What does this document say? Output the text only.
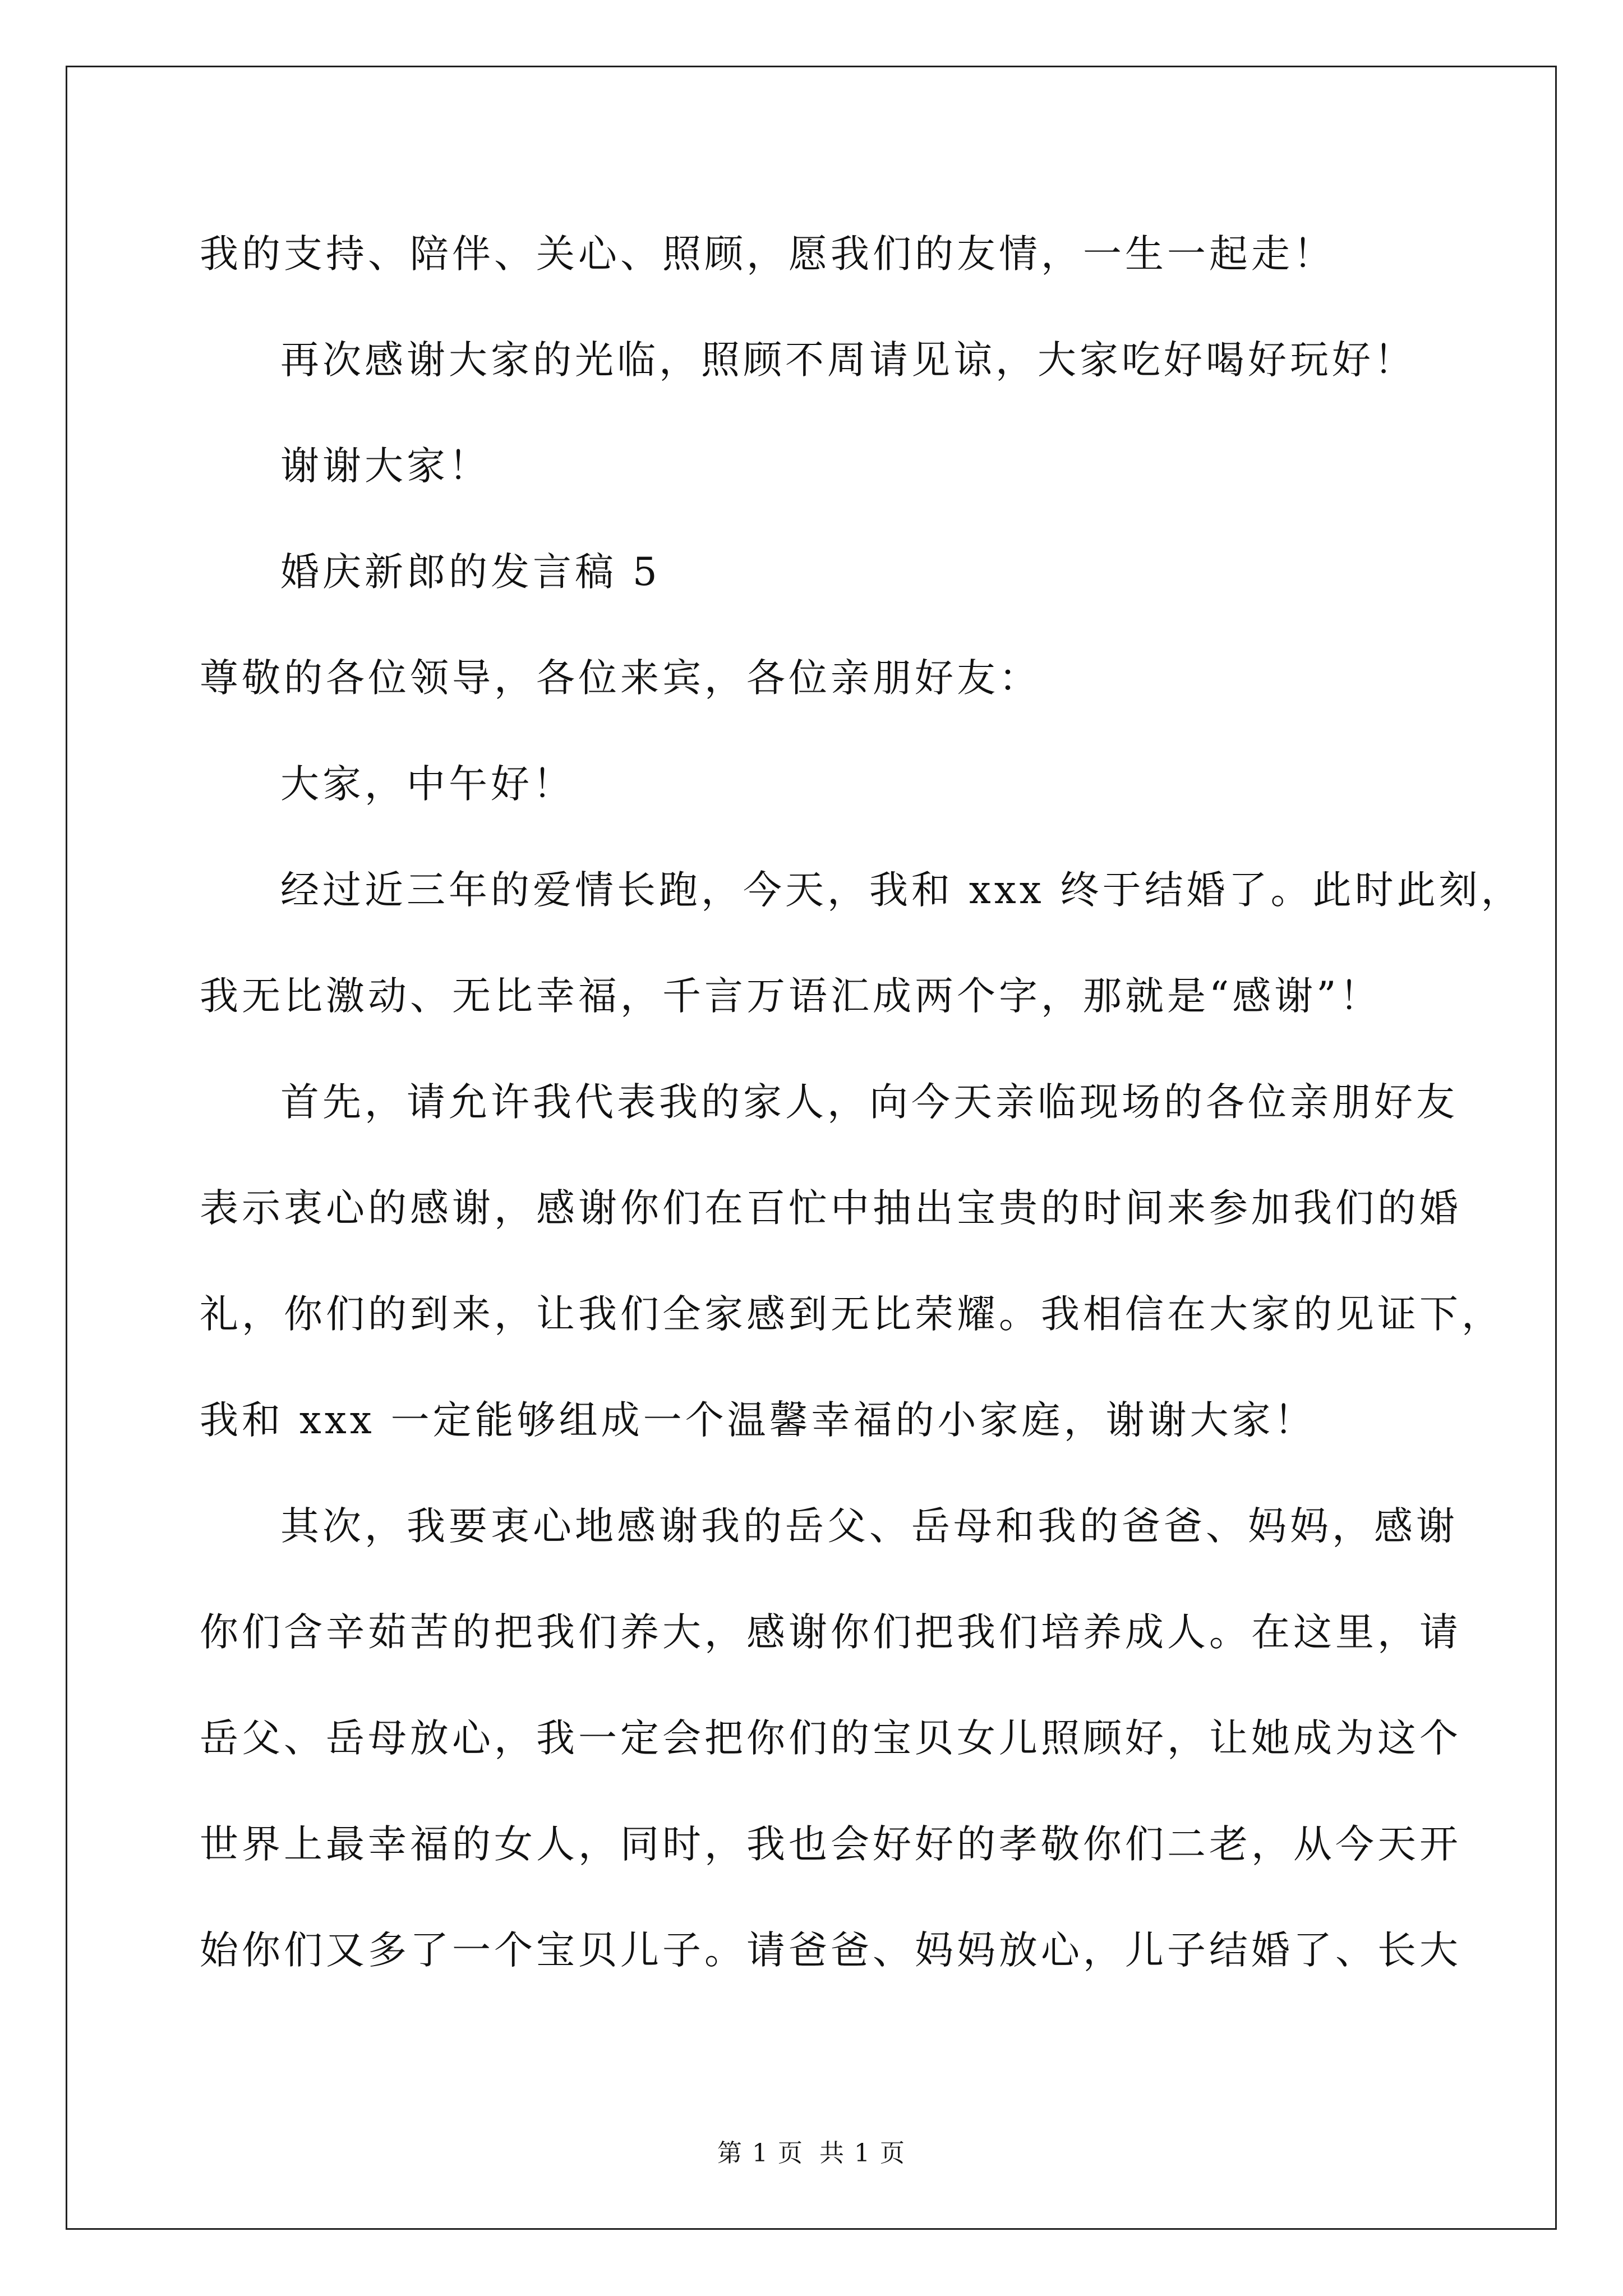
我的支持、陪伴、关心、照顾，愿我们的友情，一生一起走！
再次感谢大家的光临，照顾不周请见谅，大家吃好喝好玩好！
谢谢大家！
婚庆新郎的发言稿 5
尊敬的各位领导，各位来宾，各位亲朋好友：
大家，中午好！
经过近三年的爱情长跑，今天，我和 xxx 终于结婚了。此时此刻，
我无比激动、无比幸福，千言万语汇成两个字，那就是“感谢”！
首先，请允许我代表我的家人，向今天亲临现场的各位亲朋好友
表示衷心的感谢，感谢你们在百忙中抽出宝贵的时间来参加我们的婚
礼，你们的到来，让我们全家感到无比荣耀。我相信在大家的见证下，
我和 xxx 一定能够组成一个温馨幸福的小家庭，谢谢大家！
其次，我要衷心地感谢我的岳父、岳母和我的爸爸、妈妈，感谢
你们含辛茹苦的把我们养大，感谢你们把我们培养成人。在这里，请
岳父、岳母放心，我一定会把你们的宝贝女儿照顾好，让她成为这个
世界上最幸福的女人，同时，我也会好好的孝敬你们二老，从今天开
始你们又多了一个宝贝儿子。请爸爸、妈妈放心，儿子结婚了、长大
第 1 页 共 1 页
